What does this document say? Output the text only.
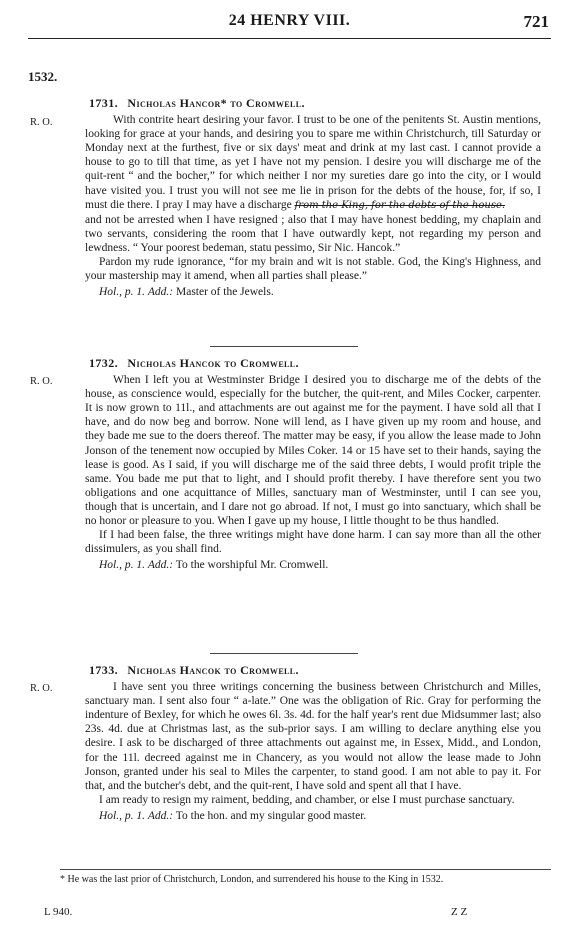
24 HENRY VIII.	721
1532.
R. O.
1731. Nicholas Hancor* to Cromwell.

With contrite heart desiring your favor. I trust to be one of the penitents St. Austin mentions, looking for grace at your hands, and desiring you to spare me within Christchurch, till Saturday or Monday next at the furthest, five or six days' meat and drink at my last cast. I cannot provide a house to go to till that time, as yet I have not my pension. I desire you will discharge me of the quit-rent “ and the bocher,” for which neither I nor my sureties dare go into the city, or I would have visited you. I trust you will not see me lie in prison for the debts of the house, for, if so, I must die there. I pray I may have a discharge from the King, for the debts of the house.

and not be arrested when I have resigned ; also that I may have honest bedding, my chaplain and two servants, considering the room that I have outwardly kept, not regarding my person and lewdness. “ Your poorest bedeman, statu pessimo, Sir Nic. Hancok.”

Pardon my rude ignorance, “for my brain and wit is not stable. God, the King's Highness, and your mastership may it amend, when all parties shall please.”

Hol., p. 1. Add.: Master of the Jewels.
R. O.
1732. Nicholas Hancok to Cromwell.

When I left you at Westminster Bridge I desired you to discharge me of the debts of the house, as conscience would, especially for the butcher, the quit-rent, and Miles Cocker, carpenter. It is now grown to 11l., and attachments are out against me for the payment. I have sold all that I have, and do now beg and borrow. None will lend, as I have given up my room and house, and they bade me sue to the doers thereof. The matter may be easy, if you allow the lease made to John Jonson of the tenement now occupied by Miles Coker. 14 or 15 have set to their hands, saying the lease is good. As I said, if you will discharge me of the said three debts, I would profit triple the same. You bade me put that to light, and I should profit thereby. I have therefore sent you two obligations and one acquittance of Milles, sanctuary man of Westminster, until I can see you, though that is uncertain, and I dare not go abroad. If not, I must go into sanctuary, which shall be no honor or pleasure to you. When I gave up my house, I little thought to be thus handled.

If I had been false, the three writings might have done harm. I can say more than all the other dissimulers, as you shall find.

Hol., p. 1. Add.: To the worshipful Mr. Cromwell.
R. O.
1733. Nicholas Hancok to Cromwell.

I have sent you three writings concerning the business between Christchurch and Milles, sanctuary man. I sent also four “ a-late.” One was the obligation of Ric. Gray for performing the indenture of Bexley, for which he owes 6l. 3s. 4d. for the half year's rent due Midsummer last; also 23s. 4d. due at Christmas last, as the sub-prior says. I am willing to declare anything else you desire. I ask to be discharged of three attachments out against me, in Essex, Midd., and London, for the 11l. decreed against me in Chancery, as you would not allow the lease made to John Jonson, granted under his seal to Miles the carpenter, to stand good. I am not able to pay it. For that, and the butcher's debt, and the quit-rent, I have sold and spent all that I have.

I am ready to resign my raiment, bedding, and chamber, or else I must purchase sanctuary.

Hol., p. 1. Add.: To the hon. and my singular good master.
* He was the last prior of Christchurch, London, and surrendered his house to the King in 1532.
L 940.	Z Z
